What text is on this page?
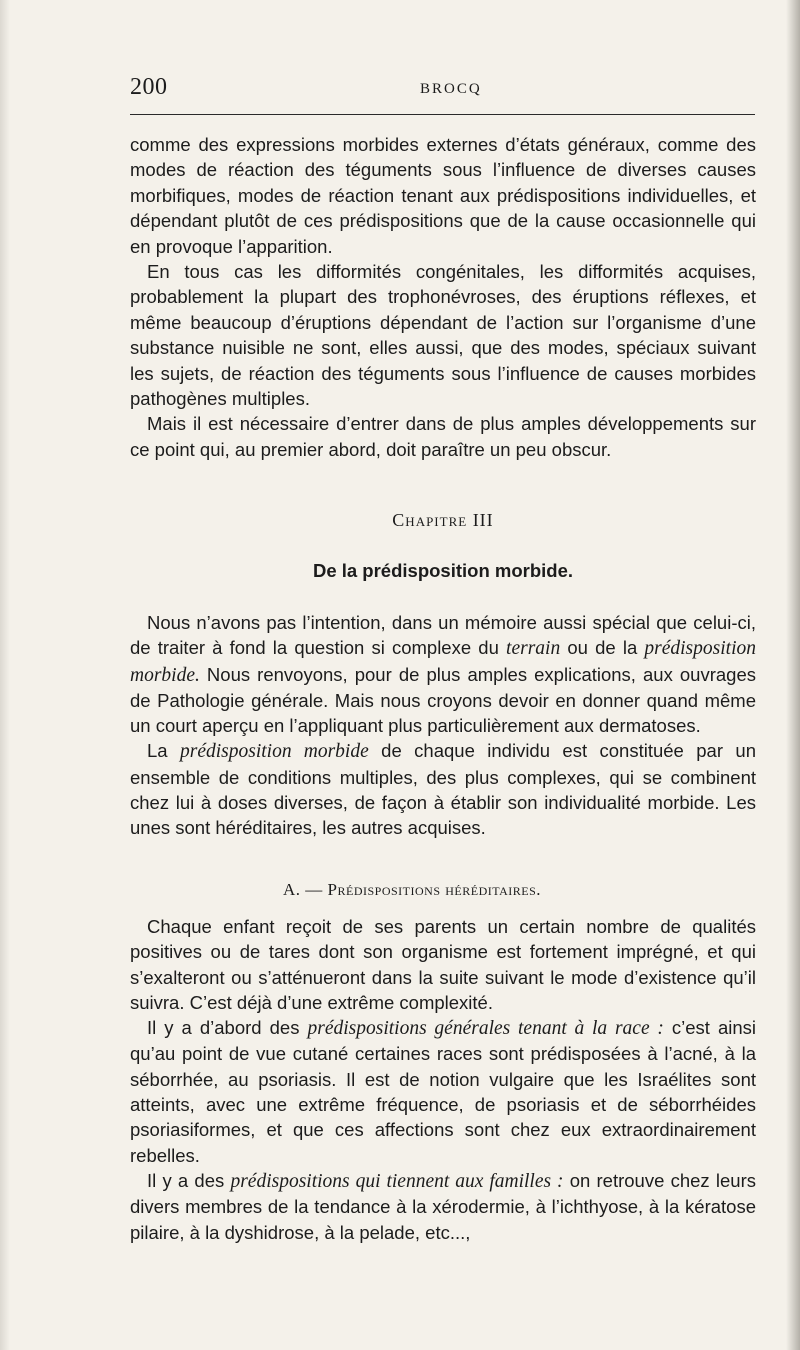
200	BROCQ

comme des expressions morbides externes d’états généraux, comme des modes de réaction des téguments sous l’influence de diverses causes morbifiques, modes de réaction tenant aux prédispositions individuelles, et dépendant plutôt de ces prédispositions que de la cause occasionnelle qui en provoque l’apparition.

En tous cas les difformités congénitales, les difformités acquises, probablement la plupart des trophonévroses, des éruptions réflexes, et même beaucoup d’éruptions dépendant de l’action sur l’organisme d’une substance nuisible ne sont, elles aussi, que des modes, spéciaux suivant les sujets, de réaction des téguments sous l’influence de causes morbides pathogènes multiples.

Mais il est nécessaire d’entrer dans de plus amples développements sur ce point qui, au premier abord, doit paraître un peu obscur.

Chapitre III
De la prédisposition morbide.

Nous n’avons pas l’intention, dans un mémoire aussi spécial que celui-ci, de traiter à fond la question si complexe du terrain ou de la prédisposition morbide. Nous renvoyons, pour de plus amples explications, aux ouvrages de Pathologie générale. Mais nous croyons devoir en donner quand même un court aperçu en l’appliquant plus particulièrement aux dermatoses.

La prédisposition morbide de chaque individu est constituée par un ensemble de conditions multiples, des plus complexes, qui se combinent chez lui à doses diverses, de façon à établir son individualité morbide. Les unes sont héréditaires, les autres acquises.

A. — Prédispositions héréditaires.

Chaque enfant reçoit de ses parents un certain nombre de qualités positives ou de tares dont son organisme est fortement imprégné, et qui s’exalteront ou s’atténueront dans la suite suivant le mode d’existence qu’il suivra. C’est déjà d’une extrême complexité.

Il y a d’abord des prédispositions générales tenant à la race : c’est ainsi qu’au point de vue cutané certaines races sont prédisposées à l’acné, à la séborrhée, au psoriasis. Il est de notion vulgaire que les Israélites sont atteints, avec une extrême fréquence, de psoriasis et de séborrhéides psoriasiformes, et que ces affections sont chez eux extraordinairement rebelles.

Il y a des prédispositions qui tiennent aux familles : on retrouve chez leurs divers membres de la tendance à la xérodermie, à l’ichthyose, à la kératose pilaire, à la dyshidrose, à la pelade, etc...,
